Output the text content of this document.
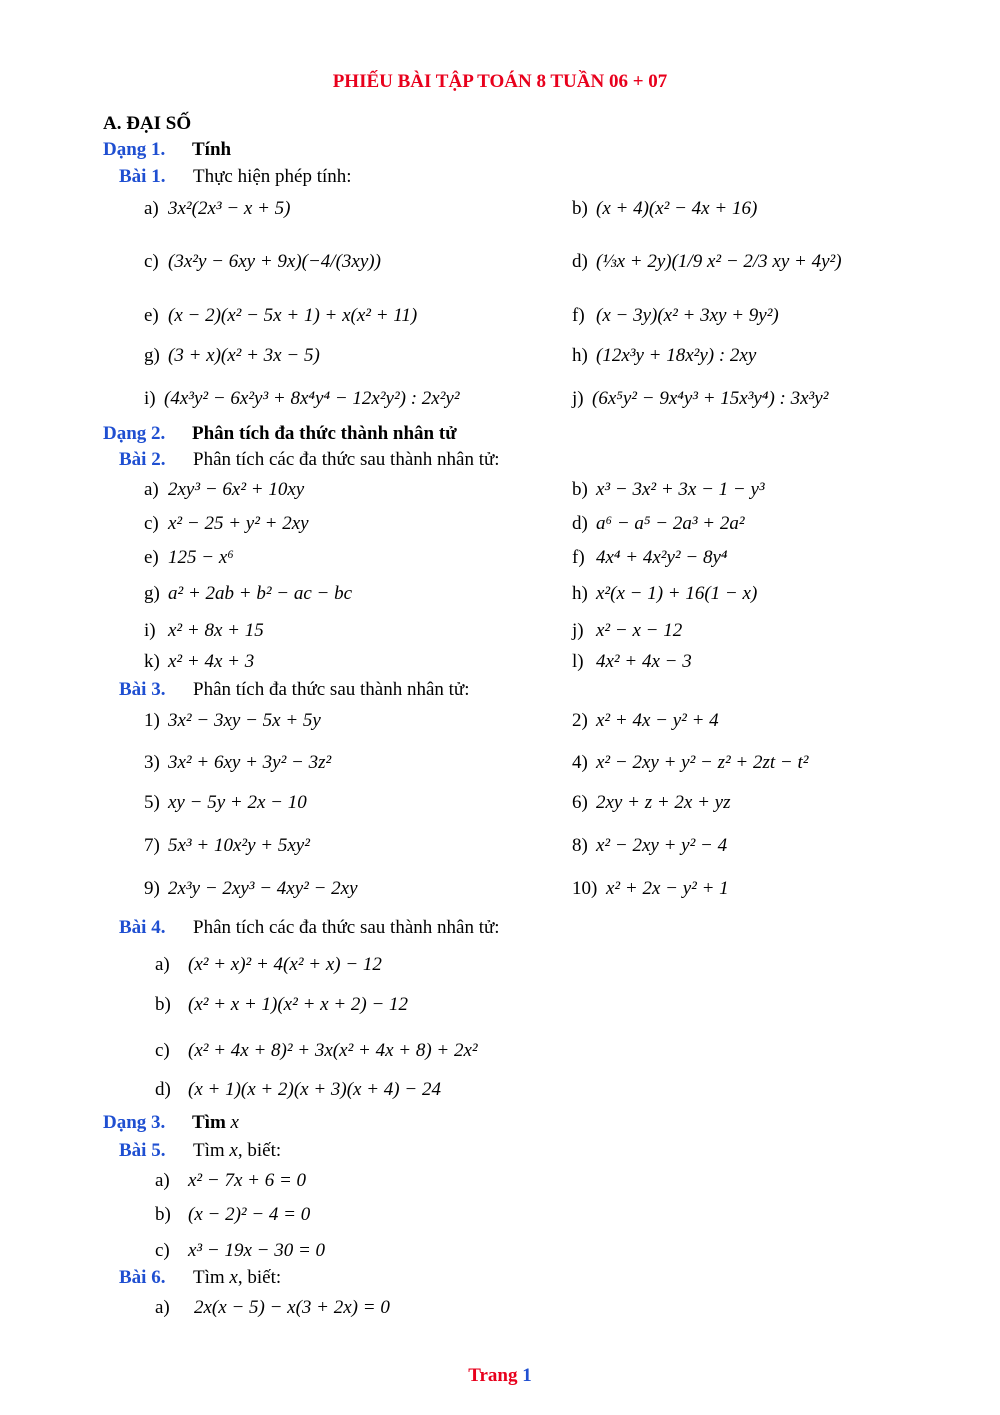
PHIẾU BÀI TẬP TOÁN 8 TUẦN 06 + 07
A. ĐẠI SỐ
Dạng 1. Tính
Bài 1. Thực hiện phép tính:
a) 3x²(2x³ − x + 5)	b) (x + 4)(x² − 4x + 16)
c) (3x²y − 6xy + 9x)(−4/(3xy))	d) (⅓x + 2y)(1/9 x² − 2/3 xy + 4y²)
e) (x − 2)(x² − 5x + 1) + x(x² + 11)	f) (x − 3y)(x² + 3xy + 9y²)
g) (3 + x)(x² + 3x − 5)	h) (12x³y + 18x²y) : 2xy
i) (4x³y² − 6x²y³ + 8x⁴y⁴ − 12x²y²) : 2x²y²	j) (6x⁵y² − 9x⁴y³ + 15x³y⁴) : 3x³y²
Dạng 2. Phân tích đa thức thành nhân tử
Bài 2. Phân tích các đa thức sau thành nhân tử:
a) 2xy³ − 6x² + 10xy	b) x³ − 3x² + 3x − 1 − y³
c) x² − 25 + y² + 2xy	d) a⁶ − a⁵ − 2a³ + 2a²
e) 125 − x⁶	f) 4x⁴ + 4x²y² − 8y⁴
g) a² + 2ab + b² − ac − bc	h) x²(x − 1) + 16(1 − x)
i) x² + 8x + 15	j) x² − x − 12
k) x² + 4x + 3	l) 4x² + 4x − 3
Bài 3. Phân tích đa thức sau thành nhân tử:
1) 3x² − 3xy − 5x + 5y	2) x² + 4x − y² + 4
3) 3x² + 6xy + 3y² − 3z²	4) x² − 2xy + y² − z² + 2zt − t²
5) xy − 5y + 2x − 10	6) 2xy + z + 2x + yz
7) 5x³ + 10x²y + 5xy²	8) x² − 2xy + y² − 4
9) 2x³y − 2xy³ − 4xy² − 2xy	10) x² + 2x − y² + 1
Bài 4. Phân tích các đa thức sau thành nhân tử:
a) (x² + x)² + 4(x² + x) − 12
b) (x² + x + 1)(x² + x + 2) − 12
c) (x² + 4x + 8)² + 3x(x² + 4x + 8) + 2x²
d) (x + 1)(x + 2)(x + 3)(x + 4) − 24
Dạng 3. Tìm x
Bài 5. Tìm x, biết:
a) x² − 7x + 6 = 0
b) (x − 2)² − 4 = 0
c) x³ − 19x − 30 = 0
Bài 6. Tìm x, biết:
a) 2x(x − 5) − x(3 + 2x) = 0
Trang 1
